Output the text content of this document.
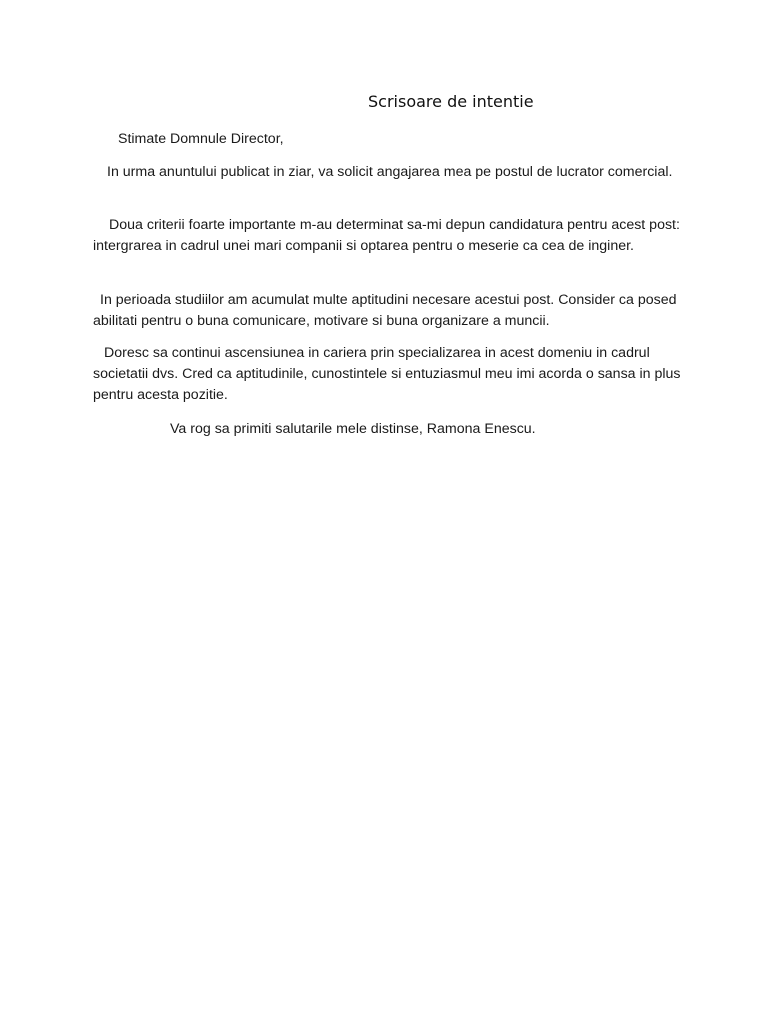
Scrisoare de intentie

Stimate Domnule Director,

In urma anuntului publicat in ziar, va solicit angajarea mea pe postul de lucrator comercial.

Doua criterii foarte importante m-au determinat sa-mi depun candidatura pentru acest post: intergrarea in cadrul unei mari companii si optarea pentru o meserie ca cea de inginer.

In perioada studiilor am acumulat multe aptitudini necesare acestui post. Consider ca posed abilitati pentru o buna comunicare, motivare si buna organizare a muncii.

Doresc sa continui ascensiunea in cariera prin specializarea in acest domeniu in cadrul societatii dvs. Cred ca aptitudinile, cunostintele si entuziasmul meu imi acorda o sansa in plus pentru acesta pozitie.

Va rog sa primiti salutarile mele distinse, Ramona Enescu.
